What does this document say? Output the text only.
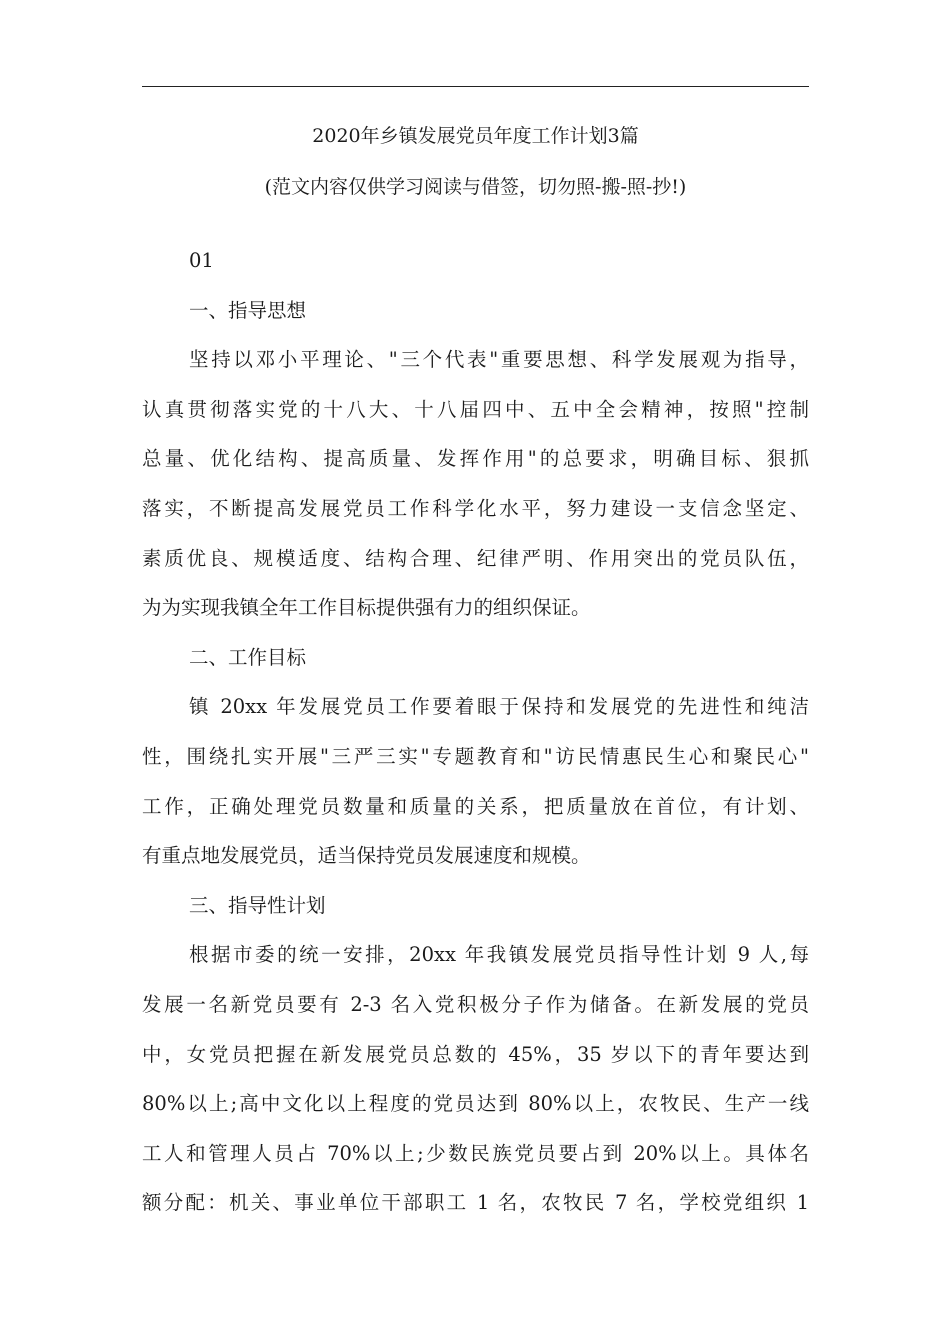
2020年乡镇发展党员年度工作计划3篇
(范文内容仅供学习阅读与借签，切勿照-搬-照-抄!)
01
一、指导思想
坚持以邓小平理论、"三个代表"重要思想、科学发展观为指导，
认真贯彻落实党的十八大、十八届四中、五中全会精神，按照"控制
总量、优化结构、提高质量、发挥作用"的总要求，明确目标、狠抓
落实，不断提高发展党员工作科学化水平，努力建设一支信念坚定、
素质优良、规模适度、结构合理、纪律严明、作用突出的党员队伍，
为为实现我镇全年工作目标提供强有力的组织保证。
二、工作目标
镇 20xx 年发展党员工作要着眼于保持和发展党的先进性和纯洁
性，围绕扎实开展"三严三实"专题教育和"访民情惠民生心和聚民心"
工作，正确处理党员数量和质量的关系，把质量放在首位，有计划、
有重点地发展党员，适当保持党员发展速度和规模。
三、指导性计划
根据市委的统一安排，20xx 年我镇发展党员指导性计划 9 人,每
发展一名新党员要有 2-3 名入党积极分子作为储备。在新发展的党员
中，女党员把握在新发展党员总数的 45%，35 岁以下的青年要达到
80%以上;高中文化以上程度的党员达到 80%以上，农牧民、生产一线
工人和管理人员占 70%以上;少数民族党员要占到 20%以上。具体名
额分配：机关、事业单位干部职工 1 名，农牧民 7 名，学校党组织 1
